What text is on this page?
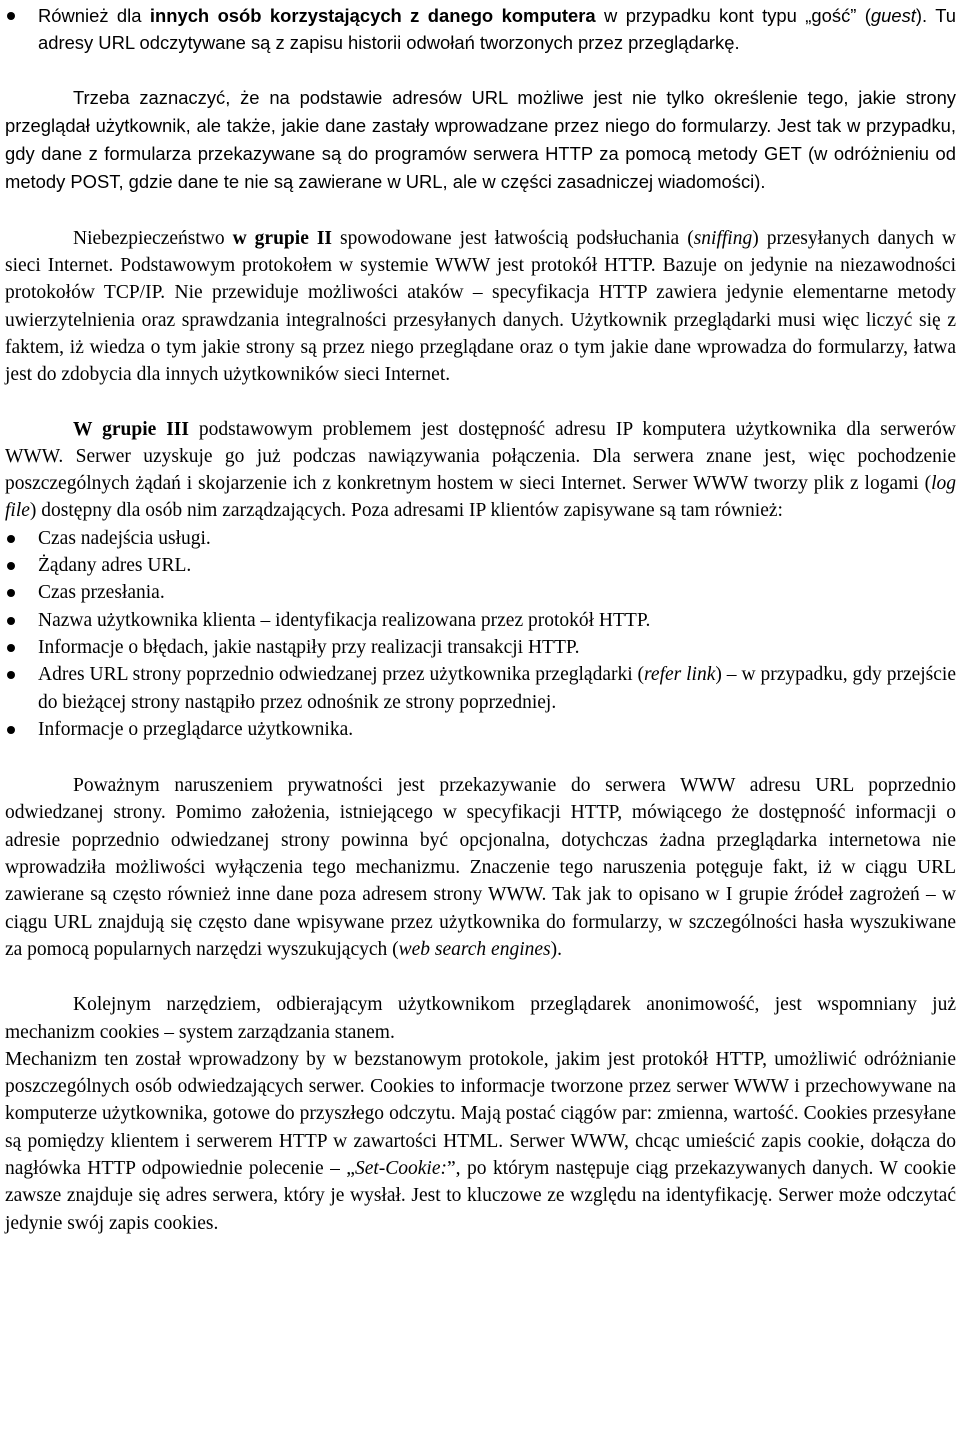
Również dla innych osób korzystających z danego komputera w przypadku kont typu „gość” (guest). Tu adresy URL odczytywane są z zapisu historii odwołań tworzonych przez przeglądarkę.

Trzeba zaznaczyć, że na podstawie adresów URL możliwe jest nie tylko określenie tego, jakie strony przeglądał użytkownik, ale także, jakie dane zastały wprowadzane przez niego do formularzy. Jest tak w przypadku, gdy dane z formularza przekazywane są do programów serwera HTTP za pomocą metody GET (w odróżnieniu od metody POST, gdzie dane te nie są zawierane w URL, ale w części zasadniczej wiadomości).

Niebezpieczeństwo w grupie II spowodowane jest łatwością podsłuchania (sniffing) przesyłanych danych w sieci Internet. Podstawowym protokołem w systemie WWW jest protokół HTTP. Bazuje on jedynie na niezawodności protokołów TCP/IP. Nie przewiduje możliwości ataków – specyfikacja HTTP zawiera jedynie elementarne metody uwierzytelnienia oraz sprawdzania integralności przesyłanych danych. Użytkownik przeglądarki musi więc liczyć się z faktem, iż wiedza o tym jakie strony są przez niego przeglądane oraz o tym jakie dane wprowadza do formularzy, łatwa jest do zdobycia dla innych użytkowników sieci Internet.

W grupie III podstawowym problemem jest dostępność adresu IP komputera użytkownika dla serwerów WWW. Serwer uzyskuje go już podczas nawiązywania połączenia. Dla serwera znane jest, więc pochodzenie poszczególnych żądań i skojarzenie ich z konkretnym hostem w sieci Internet. Serwer WWW tworzy plik z logami (log file) dostępny dla osób nim zarządzających. Poza adresami IP klientów zapisywane są tam również:

Czas nadejścia usługi.
Żądany adres URL.
Czas przesłania.
Nazwa użytkownika klienta – identyfikacja realizowana przez protokół HTTP.
Informacje o błędach, jakie nastąpiły przy realizacji transakcji HTTP.
Adres URL strony poprzednio odwiedzanej przez użytkownika przeglądarki (refer link) – w przypadku, gdy przejście do bieżącej strony nastąpiło przez odnośnik ze strony poprzedniej.
Informacje o przeglądarce użytkownika.

Poważnym naruszeniem prywatności jest przekazywanie do serwera WWW adresu URL poprzednio odwiedzanej strony. Pomimo założenia, istniejącego w specyfikacji HTTP, mówiącego że dostępność informacji o adresie poprzednio odwiedzanej strony powinna być opcjonalna, dotychczas żadna przeglądarka internetowa nie wprowadziła możliwości wyłączenia tego mechanizmu. Znaczenie tego naruszenia potęguje fakt, iż w ciągu URL zawierane są często również inne dane poza adresem strony WWW. Tak jak to opisano w I grupie źródeł zagrożeń – w ciągu URL znajdują się często dane wpisywane przez użytkownika do formularzy, w szczególności hasła wyszukiwane za pomocą popularnych narzędzi wyszukujących (web search engines).

Kolejnym narzędziem, odbierającym użytkownikom przeglądarek anonimowość, jest wspomniany już mechanizm cookies – system zarządzania stanem.

Mechanizm ten został wprowadzony by w bezstanowym protokole, jakim jest protokół HTTP, umożliwić odróżnianie poszczególnych osób odwiedzających serwer. Cookies to informacje tworzone przez serwer WWW i przechowywane na komputerze użytkownika, gotowe do przyszłego odczytu. Mają postać ciągów par: zmienna, wartość. Cookies przesyłane są pomiędzy klientem i serwerem HTTP w zawartości HTML. Serwer WWW, chcąc umieścić zapis cookie, dołącza do nagłówka HTTP odpowiednie polecenie – „Set-Cookie:”, po którym następuje ciąg przekazywanych danych. W cookie zawsze znajduje się adres serwera, który je wysłał. Jest to kluczowe ze względu na identyfikację. Serwer może odczytać jedynie swój zapis cookies.
